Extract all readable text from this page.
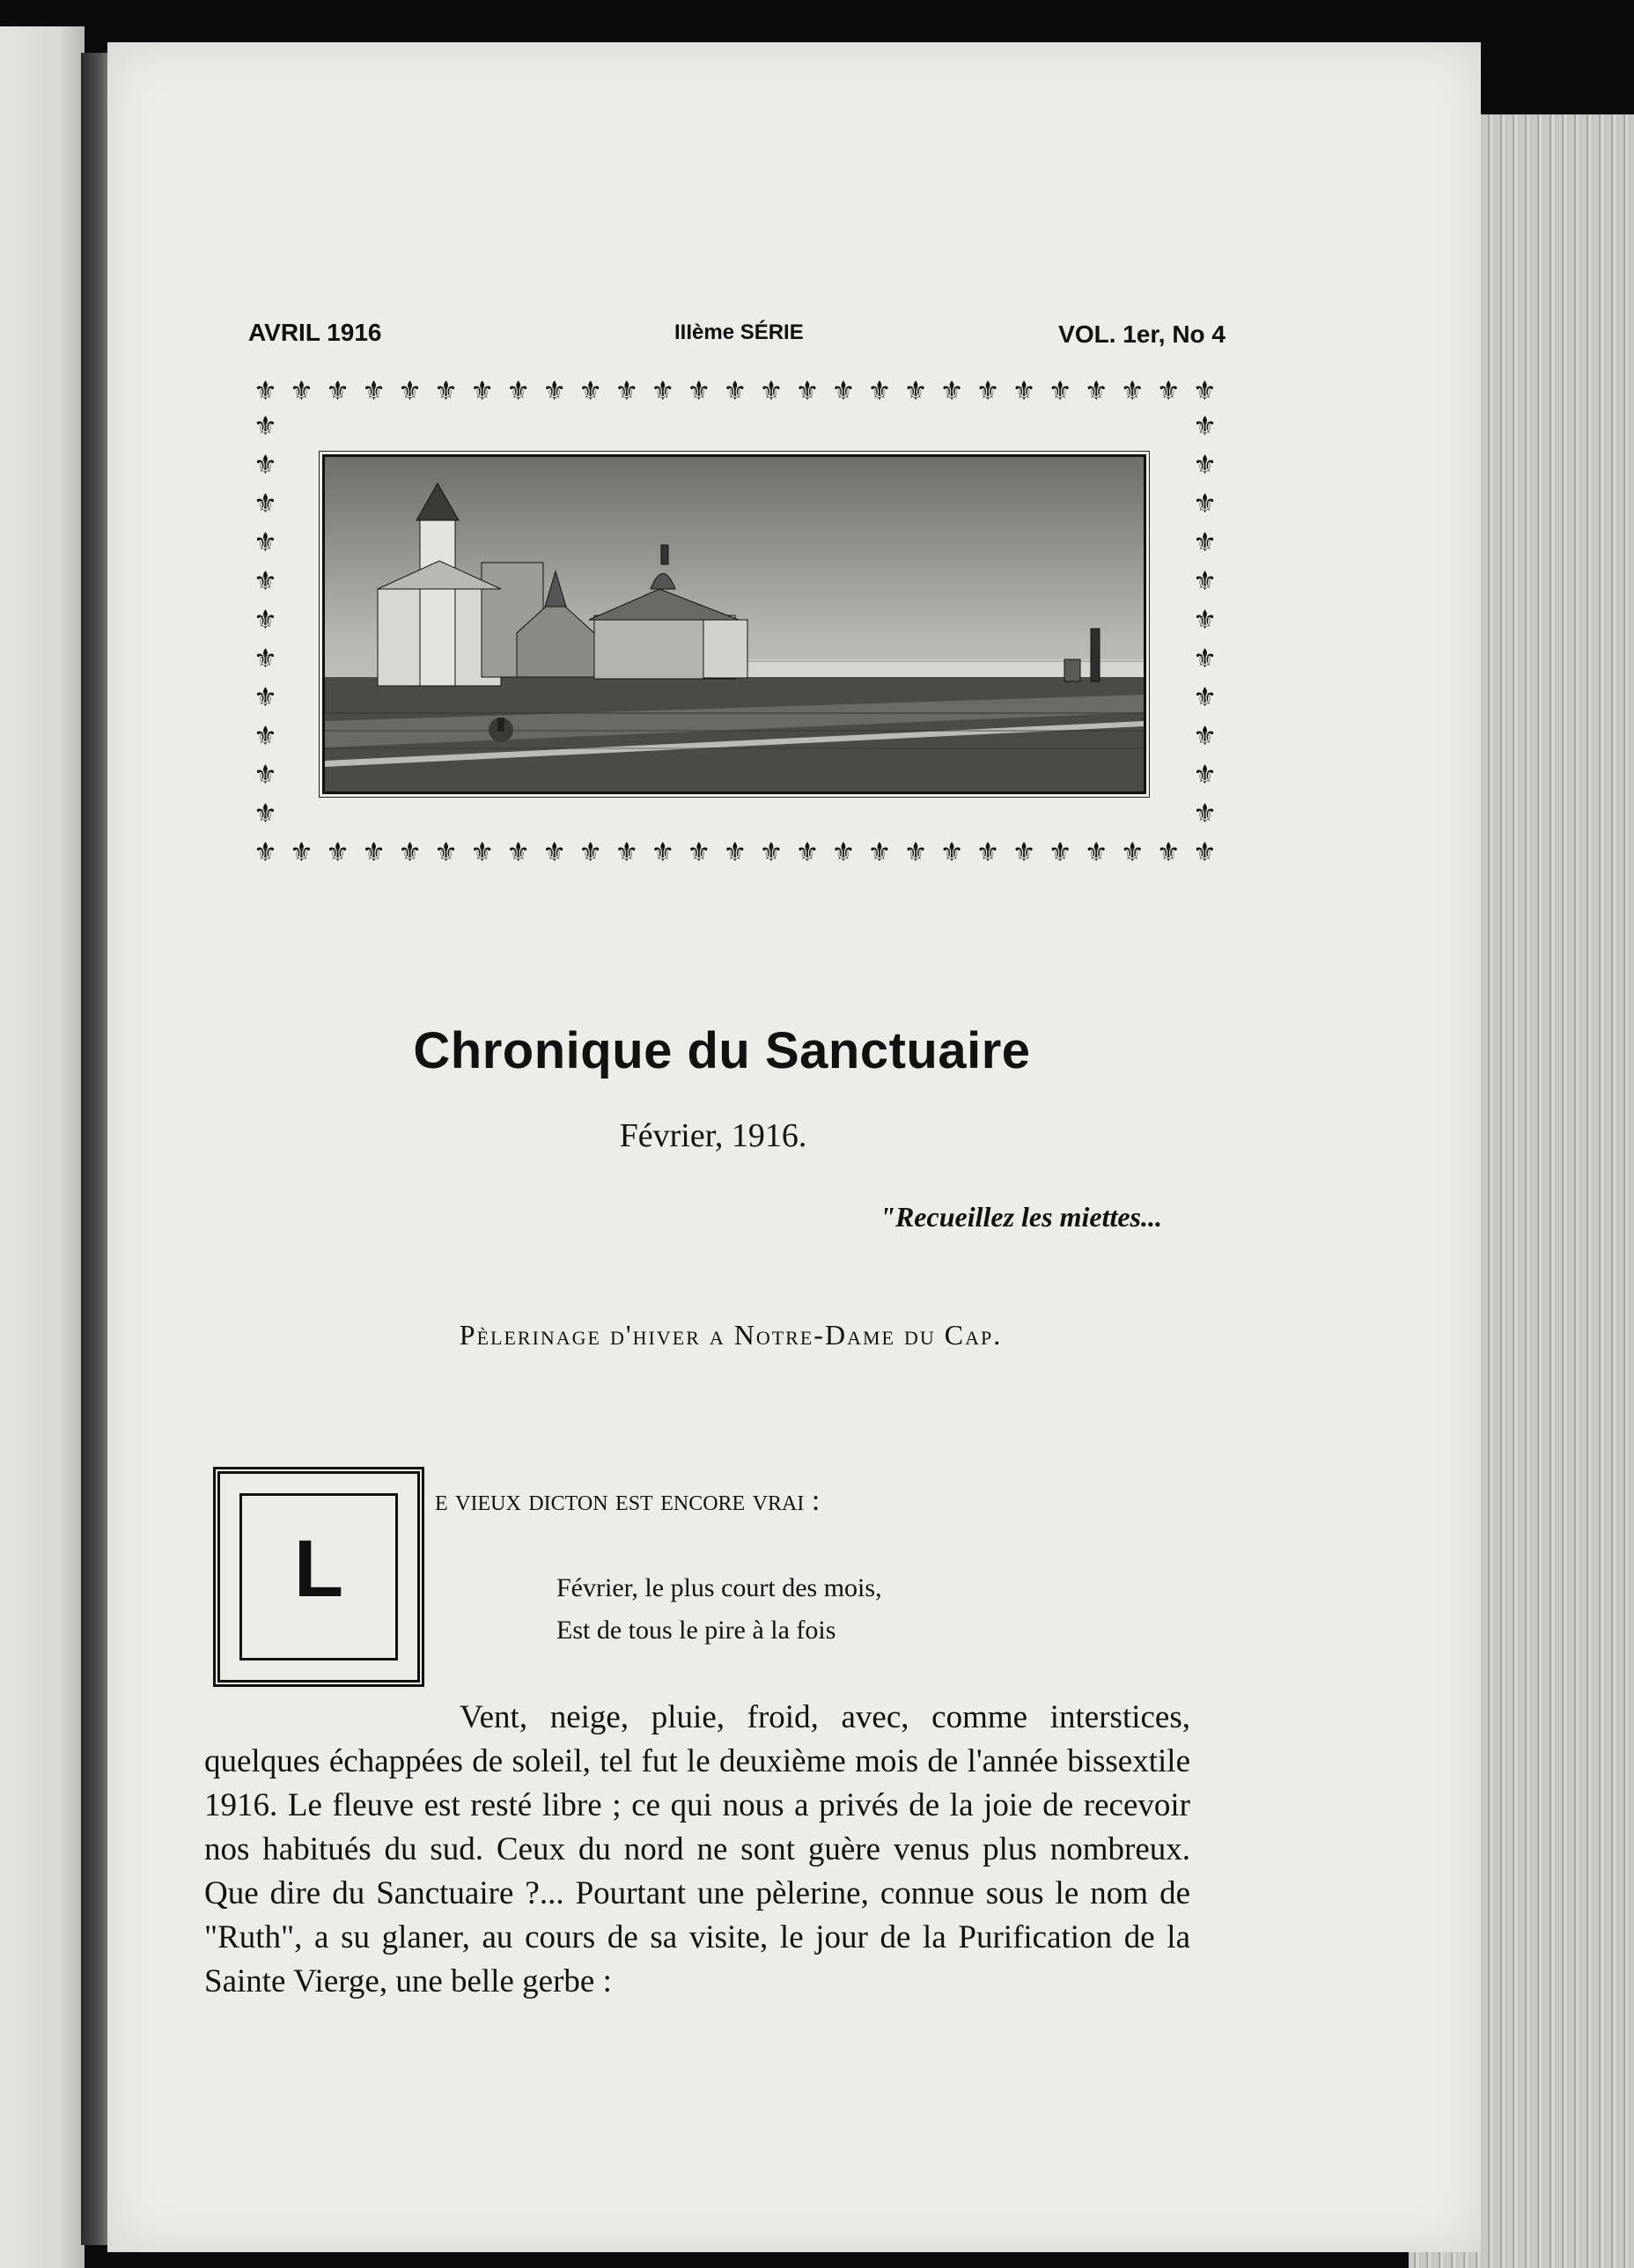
AVRIL 1916	IIIème SÉRIE	VOL. 1er, No 4
⚜ ⚜ ⚜ ⚜ ⚜ ⚜ ⚜ ⚜ ⚜ ⚜ ⚜ ⚜ ⚜ ⚜ ⚜ ⚜ ⚜ ⚜ ⚜ ⚜ ⚜ ⚜ ⚜ ⚜ ⚜ ⚜ ⚜
⚜
⚜
⚜
⚜
⚜
⚜
⚜
⚜
⚜
⚜
⚜
⚜
⚜
⚜
⚜
⚜
⚜
⚜
⚜
⚜
⚜
⚜
⚜ ⚜ ⚜ ⚜ ⚜ ⚜ ⚜ ⚜ ⚜ ⚜ ⚜ ⚜ ⚜ ⚜ ⚜ ⚜ ⚜ ⚜ ⚜ ⚜ ⚜ ⚜ ⚜ ⚜ ⚜ ⚜ ⚜
Chronique du Sanctuaire
Février, 1916.
"Recueillez les miettes...
Pèlerinage d'hiver a Notre-Dame du Cap.
L
e vieux dicton est encore vrai :
Février, le plus court des mois,
Est de tous le pire à la fois
Vent, neige, pluie, froid, avec, comme interstices, quelques échappées de soleil, tel fut le deuxième mois de l'année bissextile 1916. Le fleuve est resté libre ; ce qui nous a privés de la joie de recevoir nos habitués du sud. Ceux du nord ne sont guère venus plus nombreux. Que dire du Sanctuaire ?... Pourtant une pèlerine, connue sous le nom de "Ruth", a su glaner, au cours de sa visite, le jour de la Purification de la Sainte Vierge, une belle gerbe :
